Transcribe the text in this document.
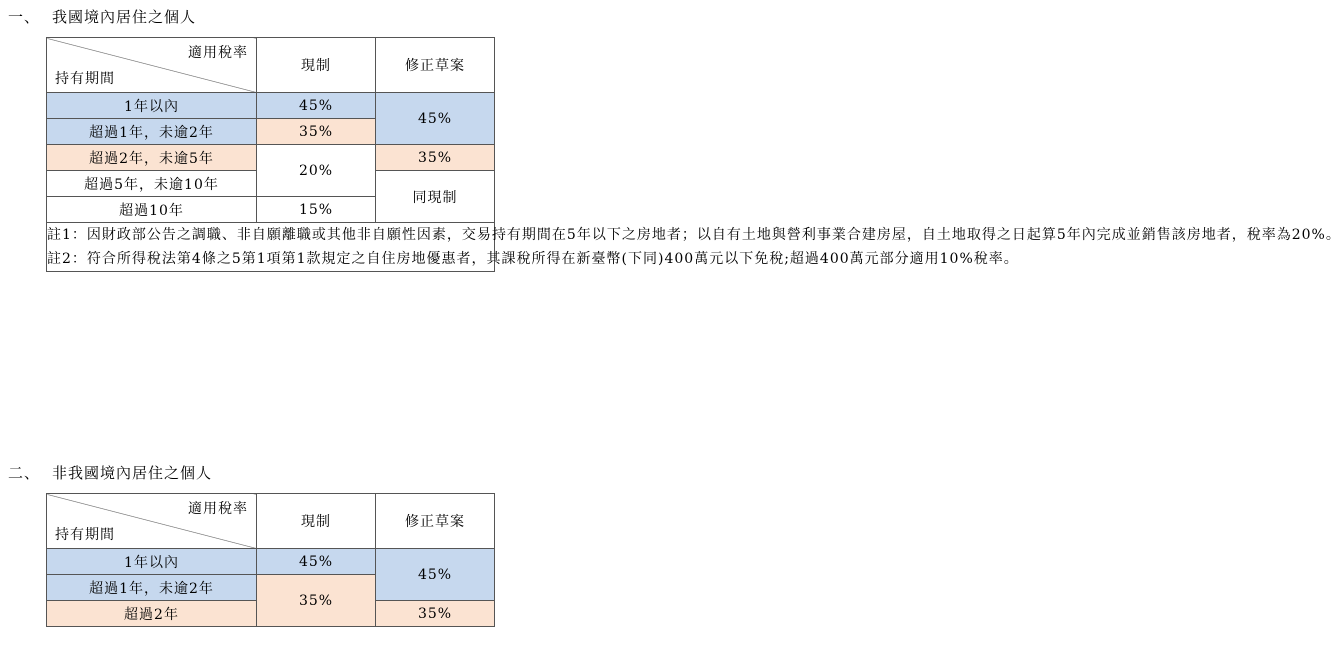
一、 我國境內居住之個人
適用稅率
持有期間	現制	修正草案
1年以內	45%	45%
超過1年，未逾2年	35%	
超過2年，未逾5年	20%	35%
超過5年，未逾10年		同現制
超過10年	15%	

註1： 因財政部公告之調職、非自願離職或其他非自願性因素，交易持有期間在5年以下之房地者；以自有土地與營利事業合建房屋，自土地取得之日起算5年內完成並銷售該房地者，稅率為20%。
註2： 符合所得稅法第4條之5第1項第1款規定之自住房地優惠者，其課稅所得在新臺幣(下同)400萬元以下免稅;超過400萬元部分適用10%稅率。		
二、 非我國境內居住之個人
適用稅率
持有期間	現制	修正草案
1年以內	45%	45%
超過1年，未逾2年	35%	
超過2年		35%
